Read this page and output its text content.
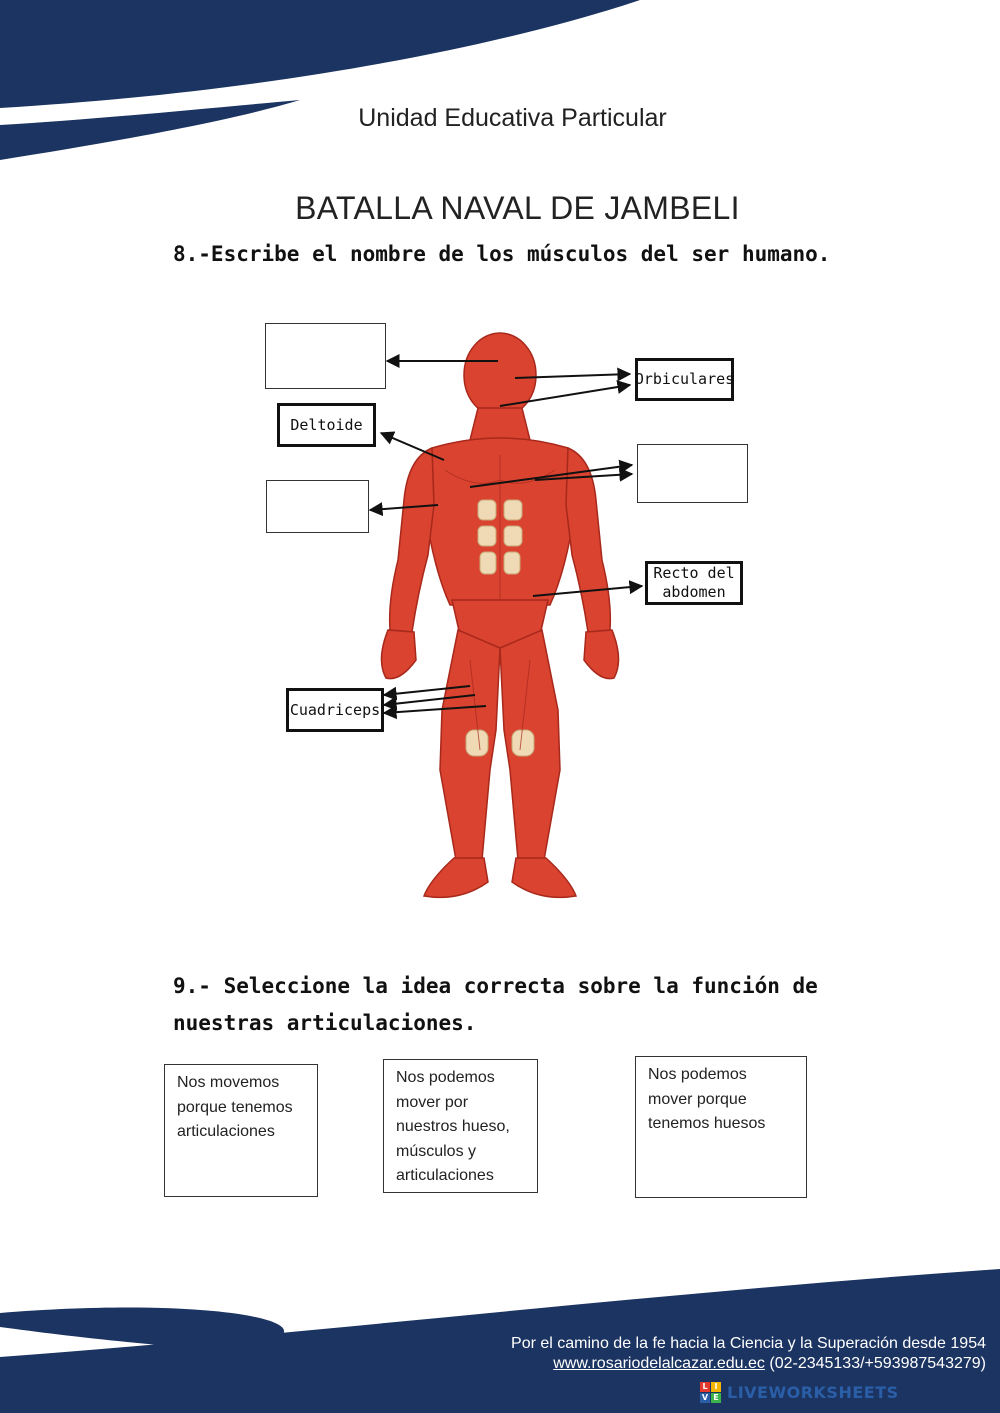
Unidad Educativa Particular
BATALLA NAVAL DE JAMBELI
8.-Escribe el nombre de los músculos del ser humano.
Orbiculares
Deltoide
Recto del
abdomen
Cuadriceps
9.- Seleccione la idea correcta sobre la función de nuestras articulaciones.
Nos movemos porque tenemos articulaciones
Nos podemos mover por nuestros hueso, músculos y articulaciones
Nos podemos mover porque tenemos huesos
Por el camino de la fe hacia la Ciencia y la Superación desde 1954
www.rosariodelalcazar.edu.ec (02-2345133/+593987543279)
L I
V E LIVEWORKSHEETS
